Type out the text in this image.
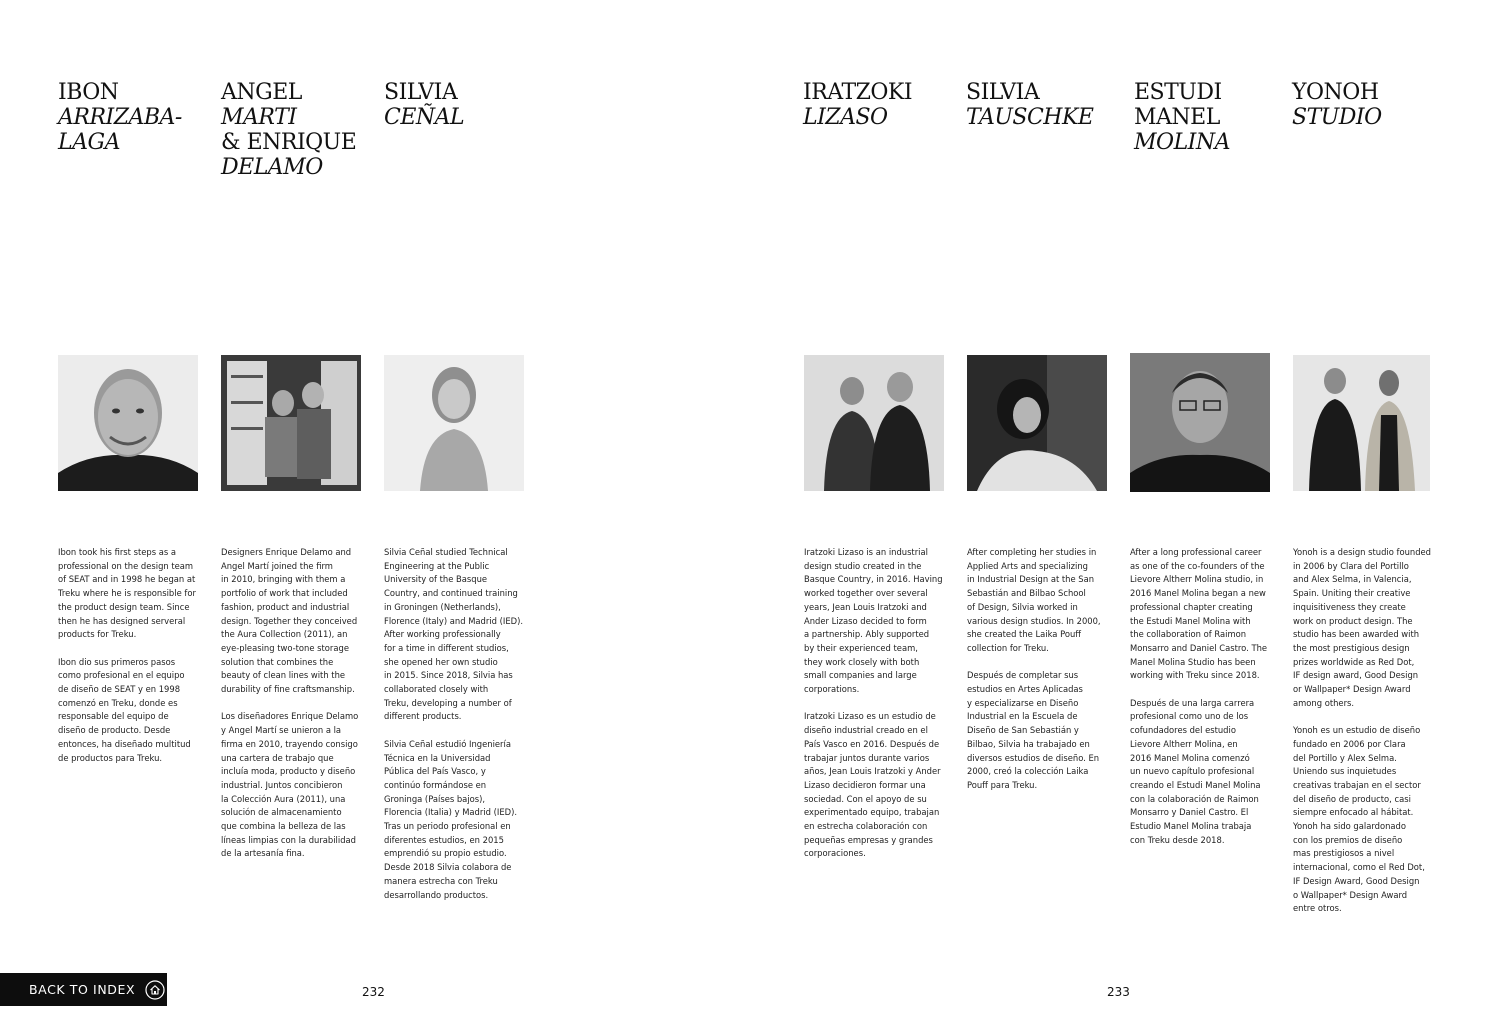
IBON
ARRIZABA-
LAGA

Ibon took his first steps as a
professional on the design team
of SEAT and in 1998 he began at
Treku where he is responsible for
the product design team. Since
then he has designed serveral
products for Treku.

Ibon dio sus primeros pasos
como profesional en el equipo
de diseño de SEAT y en 1998
comenzó en Treku, donde es
responsable del equipo de
diseño de producto. Desde
entonces, ha diseñado multitud
de productos para Treku.

ANGEL
MARTI
& ENRIQUE
DELAMO

Designers Enrique Delamo and
Angel Martí joined the firm
in 2010, bringing with them a
portfolio of work that included
fashion, product and industrial
design. Together they conceived
the Aura Collection (2011), an
eye-pleasing two-tone storage
solution that combines the
beauty of clean lines with the
durability of fine craftsmanship.

Los diseñadores Enrique Delamo
y Angel Martí se unieron a la
firma en 2010, trayendo consigo
una cartera de trabajo que
incluía moda, producto y diseño
industrial. Juntos concibieron
la Colección Aura (2011), una
solución de almacenamiento
que combina la belleza de las
líneas limpias con la durabilidad
de la artesanía fina.

SILVIA
CEÑAL

Silvia Ceñal studied Technical
Engineering at the Public
University of the Basque
Country, and continued training
in Groningen (Netherlands),
Florence (Italy) and Madrid (IED).
After working professionally
for a time in different studios,
she opened her own studio
in 2015. Since 2018, Silvia has
collaborated closely with
Treku, developing a number of
different products.

Silvia Ceñal estudió Ingeniería
Técnica en la Universidad
Pública del País Vasco, y
continúo formándose en
Groninga (Países bajos),
Florencia (Italia) y Madrid (IED).
Tras un periodo profesional en
diferentes estudios, en 2015
emprendió su propio estudio.
Desde 2018 Silvia colabora de
manera estrecha con Treku
desarrollando productos.

IRATZOKI
LIZASO

Iratzoki Lizaso is an industrial
design studio created in the
Basque Country, in 2016. Having
worked together over several
years, Jean Louis Iratzoki and
Ander Lizaso decided to form
a partnership. Ably supported
by their experienced team,
they work closely with both
small companies and large
corporations.

Iratzoki Lizaso es un estudio de
diseño industrial creado en el
País Vasco en 2016. Después de
trabajar juntos durante varios
años, Jean Louis Iratzoki y Ander
Lizaso decidieron formar una
sociedad. Con el apoyo de su
experimentado equipo, trabajan
en estrecha colaboración con
pequeñas empresas y grandes
corporaciones.

SILVIA
TAUSCHKE

After completing her studies in
Applied Arts and specializing
in Industrial Design at the San
Sebastián and Bilbao School
of Design, Silvia worked in
various design studios. In 2000,
she created the Laika Pouff
collection for Treku.

Después de completar sus
estudios en Artes Aplicadas
y especializarse en Diseño
Industrial en la Escuela de
Diseño de San Sebastián y
Bilbao, Silvia ha trabajado en
diversos estudios de diseño. En
2000, creó la colección Laika
Pouff para Treku.

ESTUDI
MANEL
MOLINA

After a long professional career
as one of the co-founders of the
Lievore Altherr Molina studio, in
2016 Manel Molina began a new
professional chapter creating
the Estudi Manel Molina with
the collaboration of Raimon
Monsarro and Daniel Castro. The
Manel Molina Studio has been
working with Treku since 2018.

Después de una larga carrera
profesional como uno de los
cofundadores del estudio
Lievore Altherr Molina, en
2016 Manel Molina comenzó
un nuevo capítulo profesional
creando el Estudi Manel Molina
con la colaboración de Raimon
Monsarro y Daniel Castro. El
Estudio Manel Molina trabaja
con Treku desde 2018.

YONOH
STUDIO

Yonoh is a design studio founded
in 2006 by Clara del Portillo
and Alex Selma, in Valencia,
Spain. Uniting their creative
inquisitiveness they create
work on product design. The
studio has been awarded with
the most prestigious design
prizes worldwide as Red Dot,
IF design award, Good Design
or Wallpaper* Design Award
among others.

Yonoh es un estudio de diseño
fundado en 2006 por Clara
del Portillo y Alex Selma.
Uniendo sus inquietudes
creativas trabajan en el sector
del diseño de producto, casi
siempre enfocado al hábitat.
Yonoh ha sido galardonado
con los premios de diseño
mas prestigiosos a nivel
internacional, como el Red Dot,
IF Design Award, Good Design
o Wallpaper* Design Award
entre otros.

BACK TO INDEX	232	233
